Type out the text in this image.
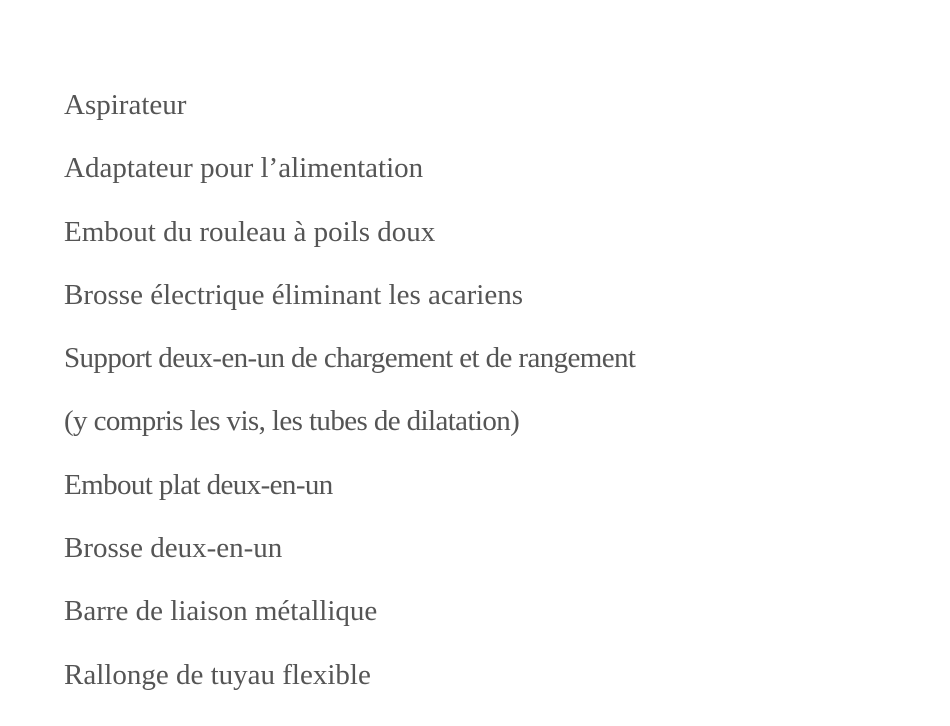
Aspirateur
Adaptateur pour l’alimentation
Embout du rouleau à poils doux
Brosse électrique éliminant les acariens
Support deux-en-un de chargement et de rangement
(y compris les vis, les tubes de dilatation)
Embout plat deux-en-un
Brosse deux-en-un
Barre de liaison métallique
Rallonge de tuyau flexible
